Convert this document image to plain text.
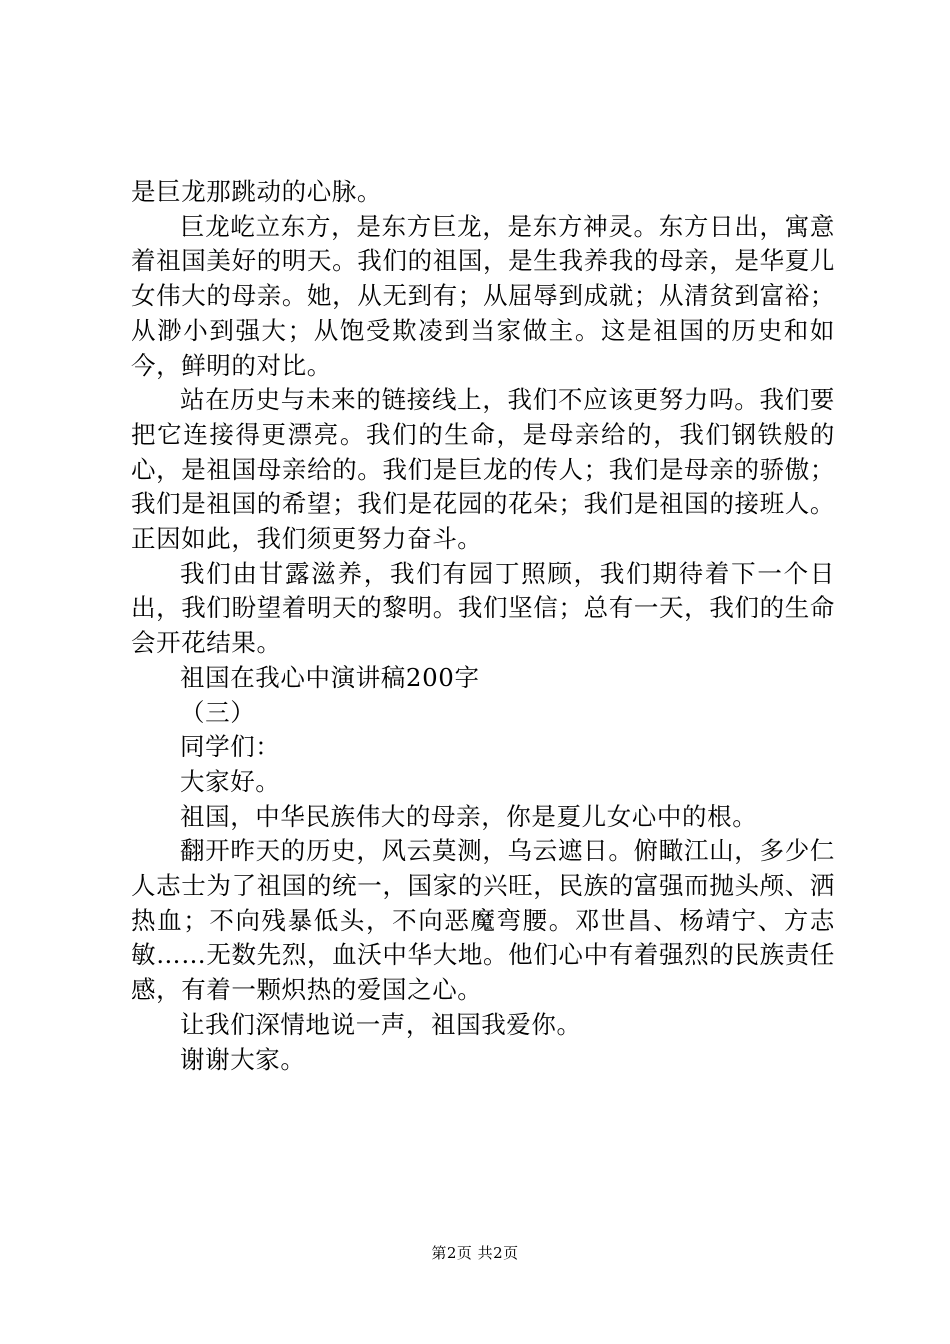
是巨龙那跳动的心脉。

巨龙屹立东方，是东方巨龙，是东方神灵。东方日出，寓意着祖国美好的明天。我们的祖国，是生我养我的母亲，是华夏儿女伟大的母亲。她，从无到有；从屈辱到成就；从清贫到富裕；从渺小到强大；从饱受欺凌到当家做主。这是祖国的历史和如今，鲜明的对比。

站在历史与未来的链接线上，我们不应该更努力吗。我们要把它连接得更漂亮。我们的生命，是母亲给的，我们钢铁般的心，是祖国母亲给的。我们是巨龙的传人；我们是母亲的骄傲；我们是祖国的希望；我们是花园的花朵；我们是祖国的接班人。正因如此，我们须更努力奋斗。

我们由甘露滋养，我们有园丁照顾，我们期待着下一个日出，我们盼望着明天的黎明。我们坚信；总有一天，我们的生命会开花结果。

祖国在我心中演讲稿200字

（三）

同学们：

大家好。

祖国，中华民族伟大的母亲，你是夏儿女心中的根。

翻开昨天的历史，风云莫测，乌云遮日。俯瞰江山，多少仁人志士为了祖国的统一，国家的兴旺，民族的富强而抛头颅、洒热血；不向残暴低头，不向恶魔弯腰。邓世昌、杨靖宁、方志敏……无数先烈，血沃中华大地。他们心中有着强烈的民族责任感，有着一颗炽热的爱国之心。

让我们深情地说一声，祖国我爱你。

谢谢大家。

第2页 共2页
